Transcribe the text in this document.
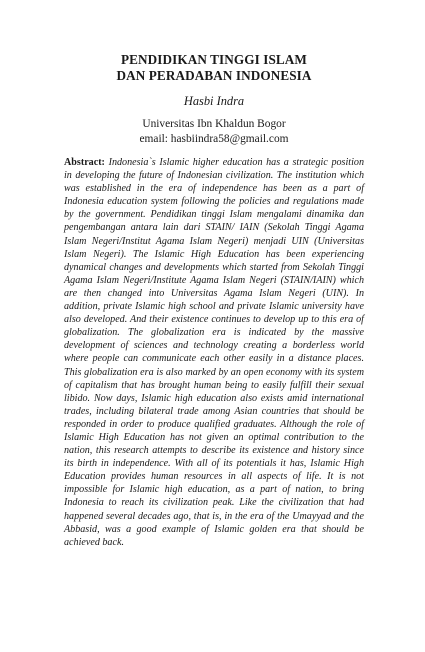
PENDIDIKAN TINGGI ISLAM
DAN PERADABAN INDONESIA
Hasbi Indra
Universitas Ibn Khaldun Bogor
email: hasbiindra58@gmail.com

Abstract: Indonesia`s Islamic higher education has a strategic position in developing the future of Indonesian civilization. The institution which was established in the era of independence has been as a part of Indonesia education system following the policies and regulations made by the government. Pendidikan tinggi Islam mengalami dinamika dan pengembangan antara lain dari STAIN/ IAIN (Sekolah Tinggi Agama Islam Negeri/Institut Agama Islam Negeri) menjadi UIN (Universitas Islam Negeri). The Islamic High Education has been experiencing dynamical changes and developments which started from Sekolah Tinggi Agama Islam Negeri/Institute Agama Islam Negeri (STAIN/IAIN) which are then changed into Universitas Agama Islam Negeri (UIN). In addition, private Islamic high school and private Islamic university have also developed. And their existence continues to develop up to this era of globalization. The globalization era is indicated by the massive development of sciences and technology creating a borderless world where people can communicate each other easily in a distance places. This globalization era is also marked by an open economy with its system of capitalism that has brought human being to easily fulfill their sexual libido. Now days, Islamic high education also exists amid international trades, including bilateral trade among Asian countries that should be responded in order to produce qualified graduates. Although the role of Islamic High Education has not given an optimal contribution to the nation, this research attempts to describe its existence and history since its birth in independence. With all of its potentials it has, Islamic High Education provides human resources in all aspects of life. It is not impossible for Islamic high education, as a part of nation, to bring Indonesia to reach its civilization peak. Like the civilization that had happened several decades ago, that is, in the era of the Umayyad and the Abbasid, was a good example of Islamic golden era that should be achieved back.
